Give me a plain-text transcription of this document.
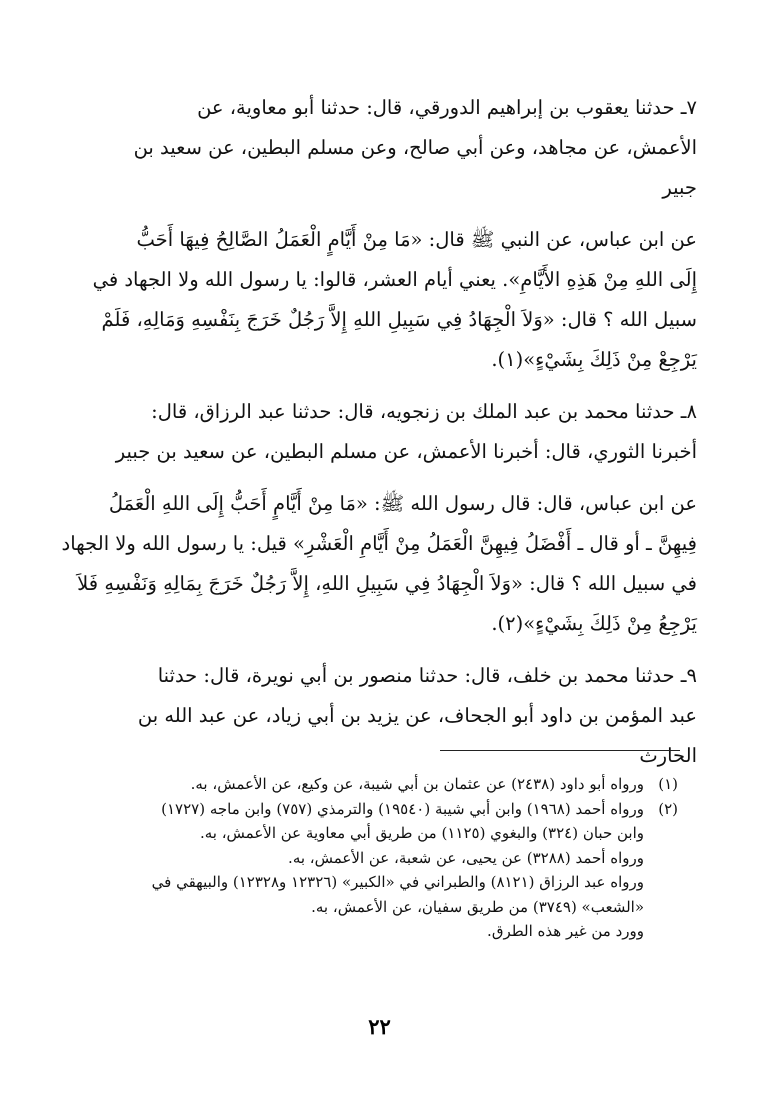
٧ـ حدثنا يعقوب بن إبراهيم الدورقي، قال: حدثنا أبو معاوية، عن
الأعمش، عن مجاهد، وعن أبي صالح، وعن مسلم البطين، عن سعيد بن
جبير
عن ابن عباس، عن النبي ﷺ قال: «مَا مِنْ أَيَّامٍ الْعَمَلُ الصَّالِحُ فِيهَا أَحَبُّ
إِلَى اللهِ مِنْ هَذِهِ الأَيَّامِ». يعني أيام العشر، قالوا: يا رسول الله ولا الجهاد في
سبيل الله ؟ قال: «وَلاَ الْجِهَادُ فِي سَبِيلِ اللهِ إِلاَّ رَجُلٌ خَرَجَ بِنَفْسِهِ وَمَالِهِ، فَلَمْ
يَرْجِعْ مِنْ ذَلِكَ بِشَيْءٍ»(١).
٨ـ حدثنا محمد بن عبد الملك بن زنجويه، قال: حدثنا عبد الرزاق، قال:
أخبرنا الثوري، قال: أخبرنا الأعمش، عن مسلم البطين، عن سعيد بن جبير
عن ابن عباس، قال: قال رسول الله ﷺ: «مَا مِنْ أَيَّامٍ أَحَبُّ إِلَى اللهِ الْعَمَلُ
فِيهِنَّ ـ أو قال ـ أَفْضَلُ فِيهِنَّ الْعَمَلُ مِنْ أَيَّامِ الْعَشْرِ» قيل: يا رسول الله ولا الجهاد
في سبيل الله ؟ قال: «وَلاَ الْجِهَادُ فِي سَبِيلِ اللهِ، إِلاَّ رَجُلٌ خَرَجَ بِمَالِهِ وَنَفْسِهِ فَلاَ
يَرْجِعُ مِنْ ذَلِكَ بِشَيْءٍ»(٢).
٩ـ حدثنا محمد بن خلف، قال: حدثنا منصور بن أبي نويرة، قال: حدثنا
عبد المؤمن بن داود أبو الجحاف، عن يزيد بن أبي زياد، عن عبد الله بن
الحارث
(١)
ورواه أبو داود (٢٤٣٨) عن عثمان بن أبي شيبة، عن وكيع، عن الأعمش، به.
(٢)
ورواه أحمد (١٩٦٨) وابن أبي شيبة (١٩٥٤٠) والترمذي (٧٥٧) وابن ماجه (١٧٢٧)
وابن حبان (٣٢٤) والبغوي (١١٢٥) من طريق أبي معاوية عن الأعمش، به.
ورواه أحمد (٣٢٨٨) عن يحيى، عن شعبة، عن الأعمش، به.
ورواه عبد الرزاق (٨١٢١) والطبراني في «الكبير» (١٢٣٢٦ و١٢٣٢٨) والبيهقي في
«الشعب» (٣٧٤٩) من طريق سفيان، عن الأعمش، به.
وورد من غير هذه الطرق.
٢٢
